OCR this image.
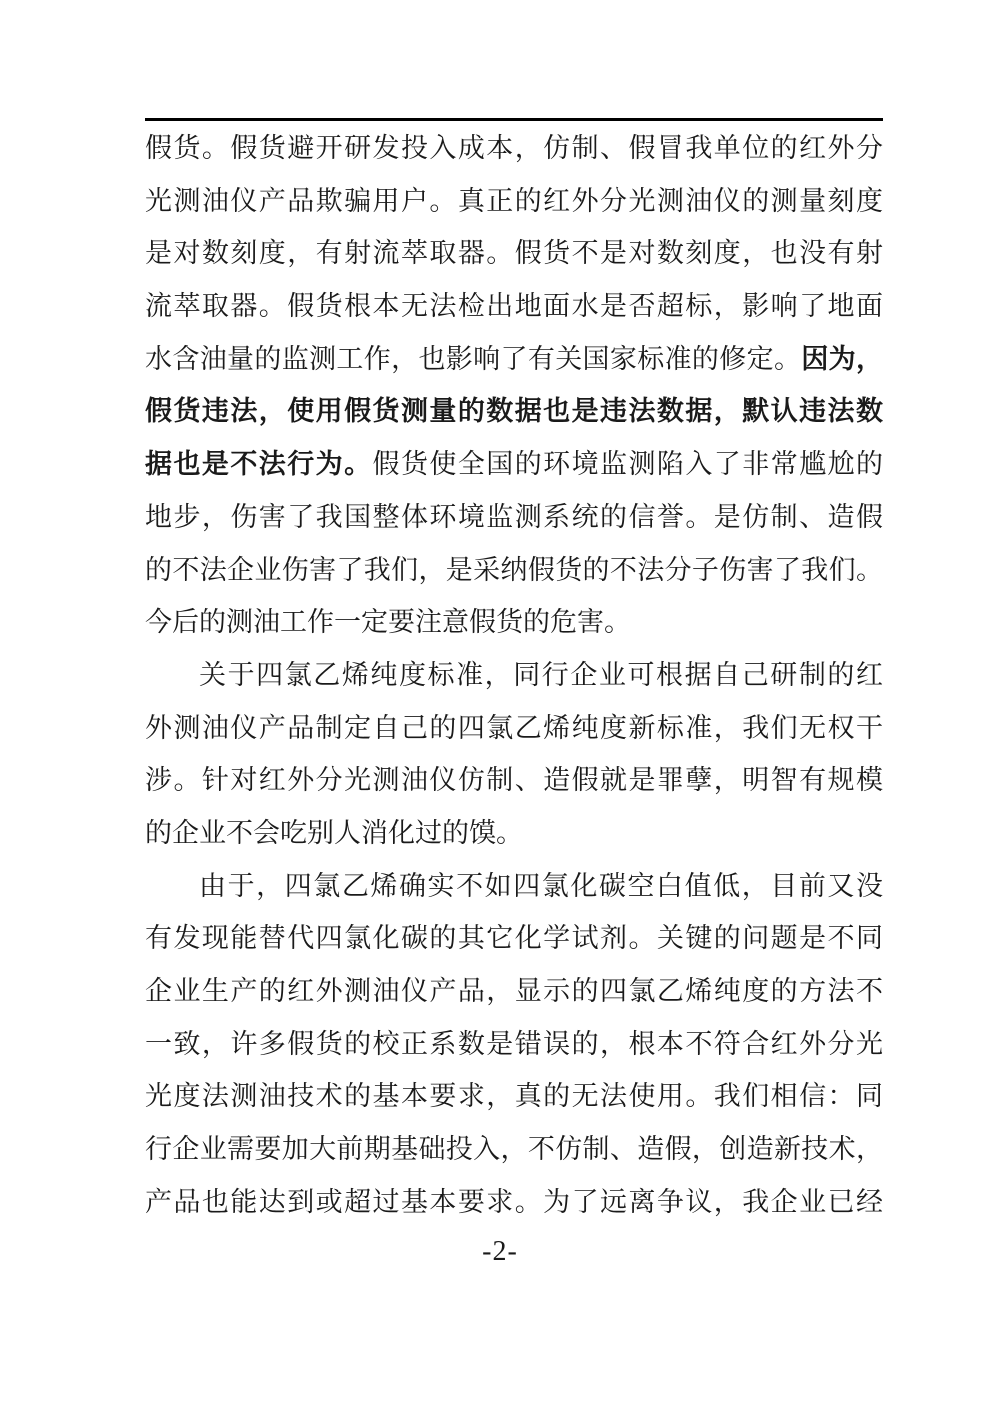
假货。假货避开研发投入成本，仿制、假冒我单位的红外分
光测油仪产品欺骗用户。真正的红外分光测油仪的测量刻度
是对数刻度，有射流萃取器。假货不是对数刻度，也没有射
流萃取器。假货根本无法检出地面水是否超标，影响了地面
水含油量的监测工作，也影响了有关国家标准的修定。因为，
假货违法，使用假货测量的数据也是违法数据，默认违法数
据也是不法行为。假货使全国的环境监测陷入了非常尴尬的
地步，伤害了我国整体环境监测系统的信誉。是仿制、造假
的不法企业伤害了我们，是采纳假货的不法分子伤害了我们。
今后的测油工作一定要注意假货的危害。
关于四氯乙烯纯度标准，同行企业可根据自己研制的红
外测油仪产品制定自己的四氯乙烯纯度新标准，我们无权干
涉。针对红外分光测油仪仿制、造假就是罪孽，明智有规模
的企业不会吃别人消化过的馍。
由于，四氯乙烯确实不如四氯化碳空白值低，目前又没
有发现能替代四氯化碳的其它化学试剂。关键的问题是不同
企业生产的红外测油仪产品，显示的四氯乙烯纯度的方法不
一致，许多假货的校正系数是错误的，根本不符合红外分光
光度法测油技术的基本要求，真的无法使用。我们相信：同
行企业需要加大前期基础投入，不仿制、造假，创造新技术，
产品也能达到或超过基本要求。为了远离争议，我企业已经
-2-
